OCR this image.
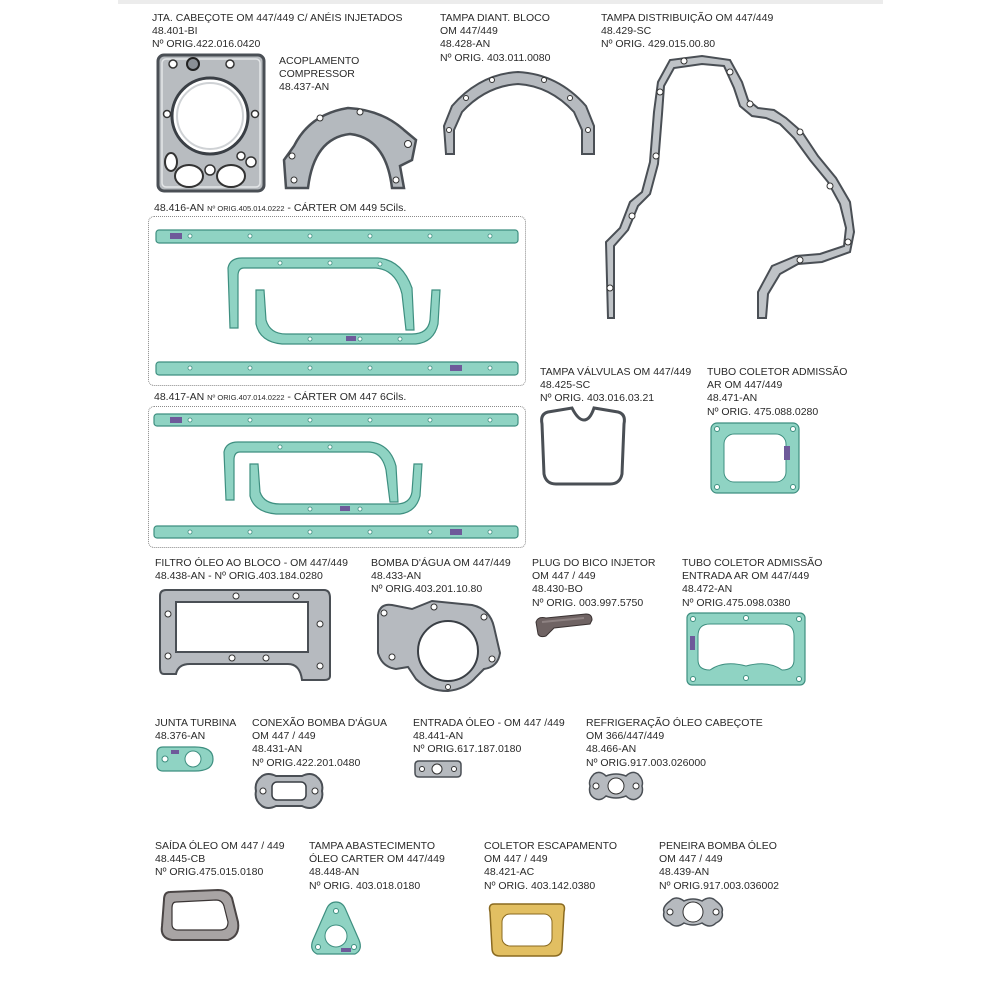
JTA. CABEÇOTE OM 447/449 C/ ANÉIS INJETADOS
48.401-BI
Nº ORIG.422.016.0420
ACOPLAMENTO
COMPRESSOR
48.437-AN
TAMPA DIANT. BLOCO
OM 447/449
48.428-AN
Nº ORIG. 403.011.0080
TAMPA DISTRIBUIÇÃO OM 447/449
48.429-SC
Nº ORIG. 429.015.00.80
48.416-AN Nº ORIG.405.014.0222 - CÁRTER OM 449 5Cils.
48.417-AN Nº ORIG.407.014.0222 - CÁRTER OM 447 6Cils.
TAMPA VÁLVULAS OM 447/449
48.425-SC
Nº ORIG. 403.016.03.21
TUBO COLETOR ADMISSÃO
AR OM 447/449
48.471-AN
Nº ORIG. 475.088.0280
FILTRO ÓLEO AO BLOCO - OM 447/449
48.438-AN - Nº ORIG.403.184.0280
BOMBA D'ÁGUA OM 447/449
48.433-AN
Nº ORIG.403.201.10.80
PLUG DO BICO INJETOR
OM 447 / 449
48.430-BO
Nº ORIG. 003.997.5750
TUBO COLETOR ADMISSÃO
ENTRADA AR OM 447/449
48.472-AN
Nº ORIG.475.098.0380
JUNTA TURBINA
48.376-AN
CONEXÃO BOMBA D'ÁGUA
OM 447 / 449
48.431-AN
Nº ORIG.422.201.0480
ENTRADA ÓLEO - OM 447 /449
48.441-AN
Nº ORIG.617.187.0180
REFRIGERAÇÃO ÓLEO CABEÇOTE
OM 366/447/449
48.466-AN
Nº ORIG.917.003.026000
SAÍDA ÓLEO OM 447 / 449
48.445-CB
Nº ORIG.475.015.0180
TAMPA ABASTECIMENTO
ÓLEO CARTER OM 447/449
48.448-AN
Nº ORIG. 403.018.0180
COLETOR ESCAPAMENTO
OM 447 / 449
48.421-AC
Nº ORIG. 403.142.0380
PENEIRA BOMBA ÓLEO
OM 447 / 449
48.439-AN
Nº ORIG.917.003.036002
